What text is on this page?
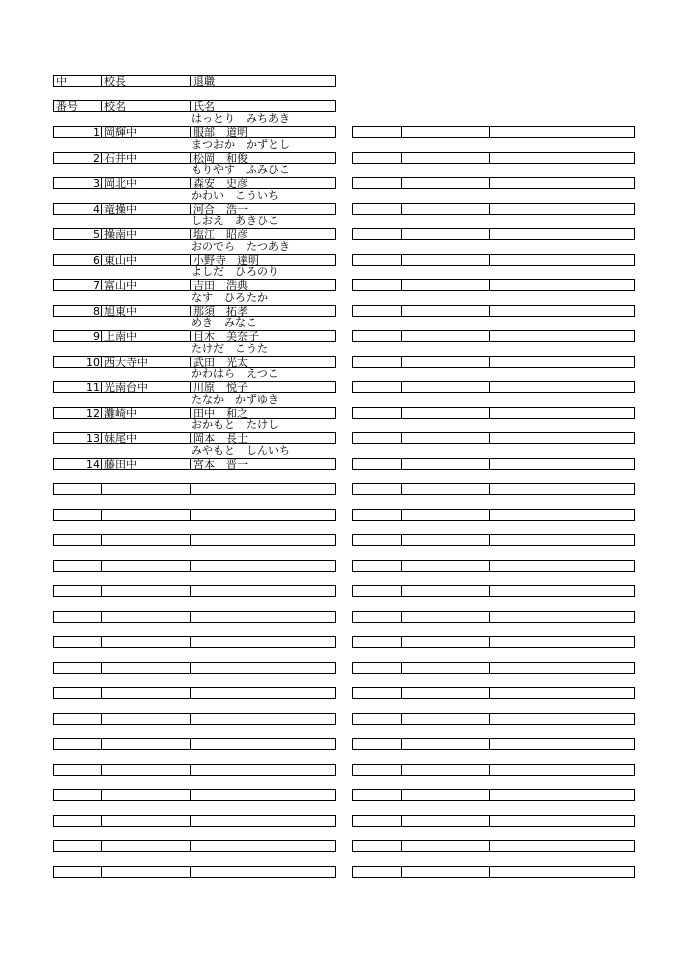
中	校長	退職
番号	校名	氏名
はっとり　みちあき
1 岡輝中	服部　道明
まつおか　かずとし
2 石井中	松岡　和俊
もりやす　ふみひこ
3 岡北中	森安　史彦
かわい　こういち
4 竜操中	河合　浩一
しおえ　あきひこ
5 操南中	塩江　昭彦
おのでら　たつあき
6 東山中	小野寺　達明
よしだ　ひろのり
7 富山中	吉田　浩典
なす　ひろたか
8 旭東中	那須　拓孝
めき　みなこ
9 上南中	目木　美奈子
たけだ　こうた
10 西大寺中	武田　光太
かわはら　えつこ
11 光南台中	川原　悦子
たなか　かずゆき
12 灘崎中	田中　和之
おかもと　たけし
13 妹尾中	岡本　長士
みやもと　しんいち
14 藤田中	宮本　晋一
